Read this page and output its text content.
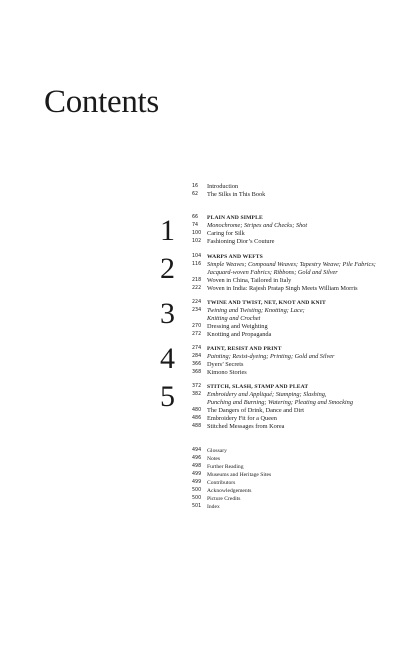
Contents
16	Introduction
62	The Silks in This Book
1
2
3
4
5
66	PLAIN AND SIMPLE
74	Monochrome; Stripes and Checks; Shot
100 Caring for Silk
102 Fashioning Dior’s Couture
104	WARPS AND WEFTS
116 Simple Weaves; Compound Weaves; Tapestry Weave; Pile Fabrics;
Jacquard-woven Fabrics; Ribbons; Gold and Silver
218 Woven in China, Tailored in Italy
222 Woven in India: Rajesh Pratap Singh Meets William Morris
224	TWINE AND TWIST, NET, KNOT AND KNIT
234 Twining and Twisting; Knotting; Lace;
Knitting and Crochet
270 Dressing and Weighting
272 Knotting and Propaganda
274	PAINT, RESIST AND PRINT
284 Painting; Resist-dyeing; Printing; Gold and Silver
366 Dyers’ Secrets
368 Kimono Stories
372	STITCH, SLASH, STAMP AND PLEAT
382 Embroidery and Appliqué; Stamping; Slashing,
Punching and Burning; Watering; Pleating and Smocking
480 The Dangers of Drink, Dance and Dirt
486 Embroidery Fit for a Queen
488 Stitched Messages from Korea
494	Glossary
496	Notes
498	Further Reading
499	Museums and Heritage Sites
499	Contributors
500	Acknowledgements
500	Picture Credits
501	Index
